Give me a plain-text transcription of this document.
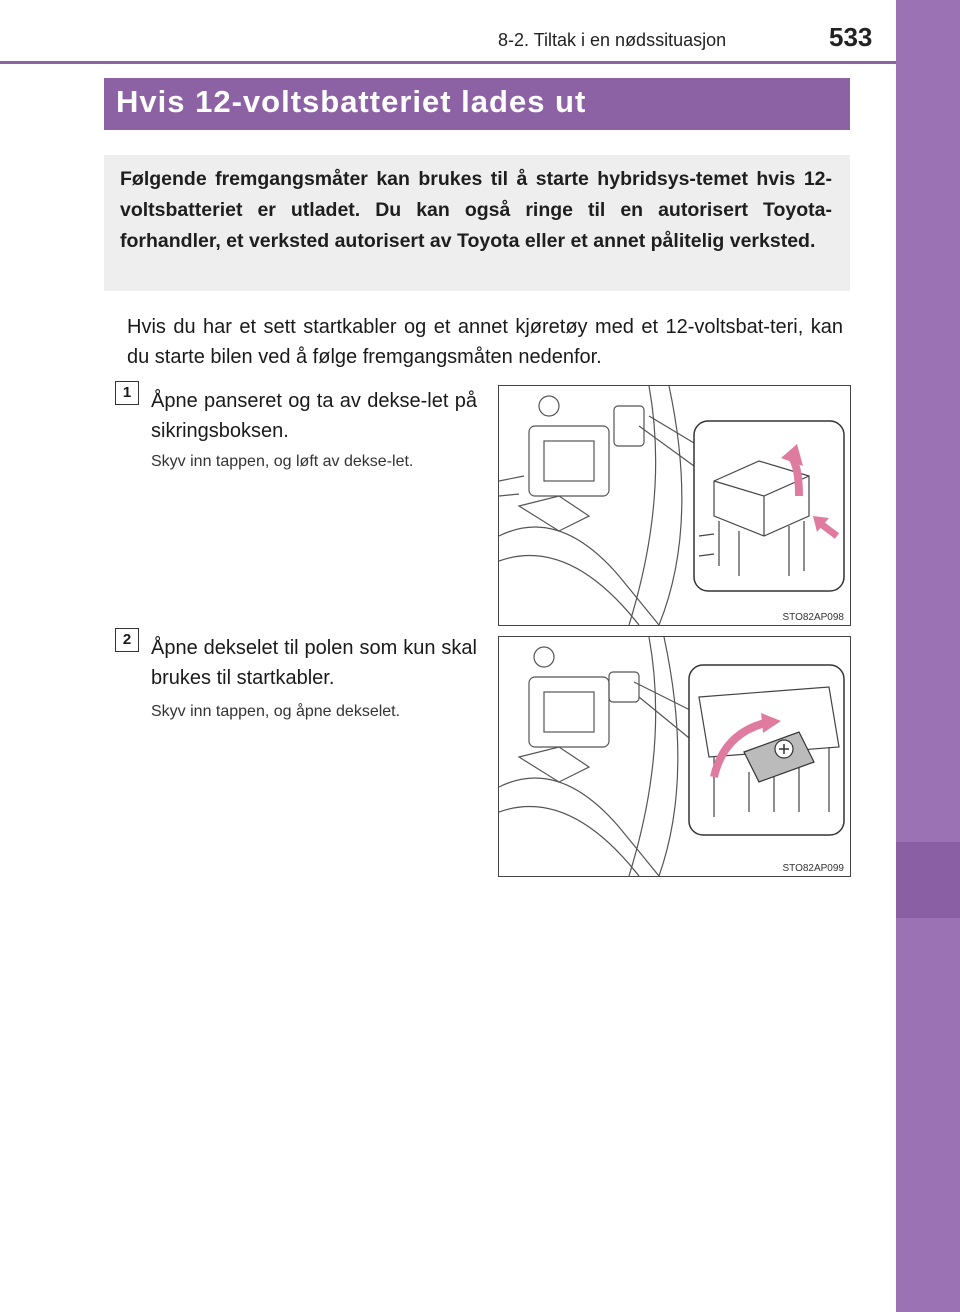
8-2. Tiltak i en nødssituasjon	533
8
Hvis det oppstår problemer
Hvis 12-voltsbatteriet lades ut

Følgende fremgangsmåter kan brukes til å starte hybridsys-temet hvis 12-voltsbatteriet er utladet. Du kan også ringe til en autorisert Toyota-forhandler, et verksted autorisert av Toyota eller et annet pålitelig verksted.

Hvis du har et sett startkabler og et annet kjøretøy med et 12-voltsbat-teri, kan du starte bilen ved å følge fremgangsmåten nedenfor.

1 Åpne panseret og ta av dekse-let på sikringsboksen.

Skyv inn tappen, og løft av dekse-let.

STO82AP098
2 Åpne dekselet til polen som kun skal brukes til startkabler.

Skyv inn tappen, og åpne dekselet.

STO82AP099
